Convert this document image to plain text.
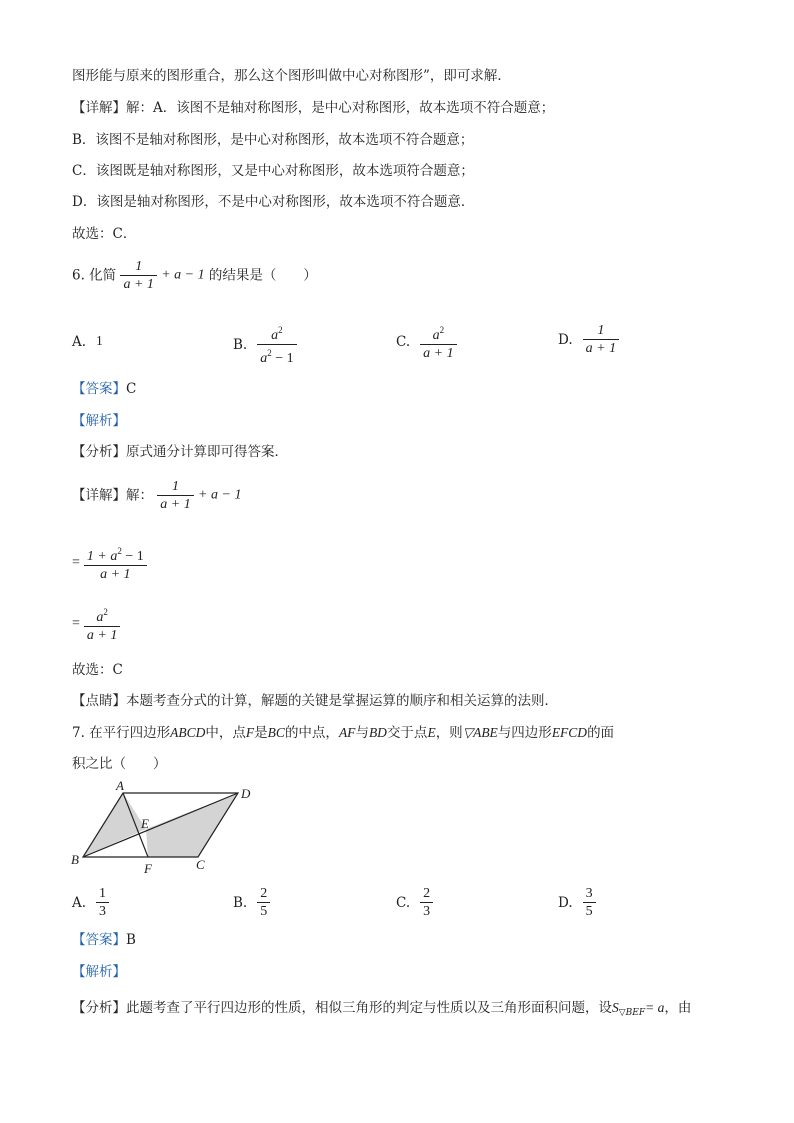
图形能与原来的图形重合，那么这个图形叫做中心对称图形”，即可求解．
【详解】解：A．该图不是轴对称图形，是中心对称图形，故本选项不符合题意；
B．该图不是轴对称图形，是中心对称图形，故本选项不符合题意；
C．该图既是轴对称图形，又是中心对称图形，故本选项符合题意；
D．该图是轴对称图形，不是中心对称图形，故本选项不符合题意．
故选：C．
6. 化简 $\frac{1}{a + 1} + a - 1$ 的结果是（　　）
A. 1	B. $\frac{a^2}{a^2 - 1}$	C. $\frac{a^2}{a + 1}$	D. $\frac{1}{a + 1}$
【答案】C
【解析】
【分析】原式通分计算即可得答案．
【详解】解： $\frac{1}{a + 1} + a - 1$
= $\frac{1 + a^2 - 1}{a + 1}$
= $\frac{a^2}{a + 1}$
故选：C
【点睛】本题考查分式的计算，解题的关键是掌握运算的顺序和相关运算的法则．
7. 在平行四边形ABCD中，点F是BC的中点，AF与BD交于点E，则▽ABE与四边形EFCD的面
积之比（　　）
A
D
E
B
F	C
A. $\frac{1}{3}$	B. $\frac{2}{5}$	C. $\frac{2}{3}$	D. $\frac{3}{5}$
【答案】B
【解析】
【分析】此题考查了平行四边形的性质，相似三角形的判定与性质以及三角形面积问题，设$S_{▽BEF}= a$，由
